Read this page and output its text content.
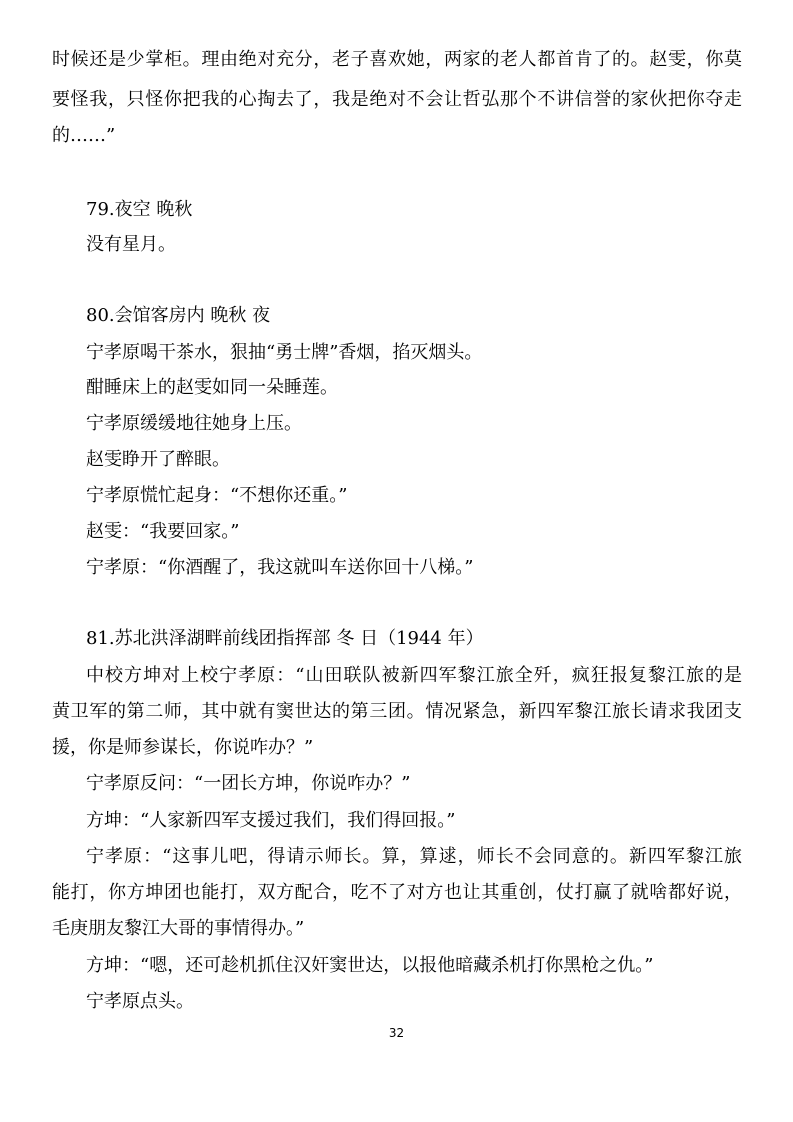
时候还是少掌柜。理由绝对充分，老子喜欢她，两家的老人都首肯了的。赵雯，你莫
要怪我，只怪你把我的心掏去了，我是绝对不会让哲弘那个不讲信誉的家伙把你夺走
的……”
79.夜空 晚秋
没有星月。
80.会馆客房内 晚秋 夜
宁孝原喝干茶水，狠抽“勇士牌”香烟，掐灭烟头。
酣睡床上的赵雯如同一朵睡莲。
宁孝原缓缓地往她身上压。
赵雯睁开了醉眼。
宁孝原慌忙起身：“不想你还重。”
赵雯：“我要回家。”
宁孝原：“你酒醒了，我这就叫车送你回十八梯。”
81.苏北洪泽湖畔前线团指挥部 冬 日（1944 年）
中校方坤对上校宁孝原：“山田联队被新四军黎江旅全歼，疯狂报复黎江旅的是
黄卫军的第二师，其中就有窦世达的第三团。情况紧急，新四军黎江旅长请求我团支
援，你是师参谋长，你说咋办？”
宁孝原反问：“一团长方坤，你说咋办？”
方坤：“人家新四军支援过我们，我们得回报。”
宁孝原：“这事儿吧，得请示师长。算，算逑，师长不会同意的。新四军黎江旅
能打，你方坤团也能打，双方配合，吃不了对方也让其重创，仗打赢了就啥都好说，
毛庚朋友黎江大哥的事情得办。”
方坤：“嗯，还可趁机抓住汉奸窦世达，以报他暗藏杀机打你黑枪之仇。”
宁孝原点头。
32
